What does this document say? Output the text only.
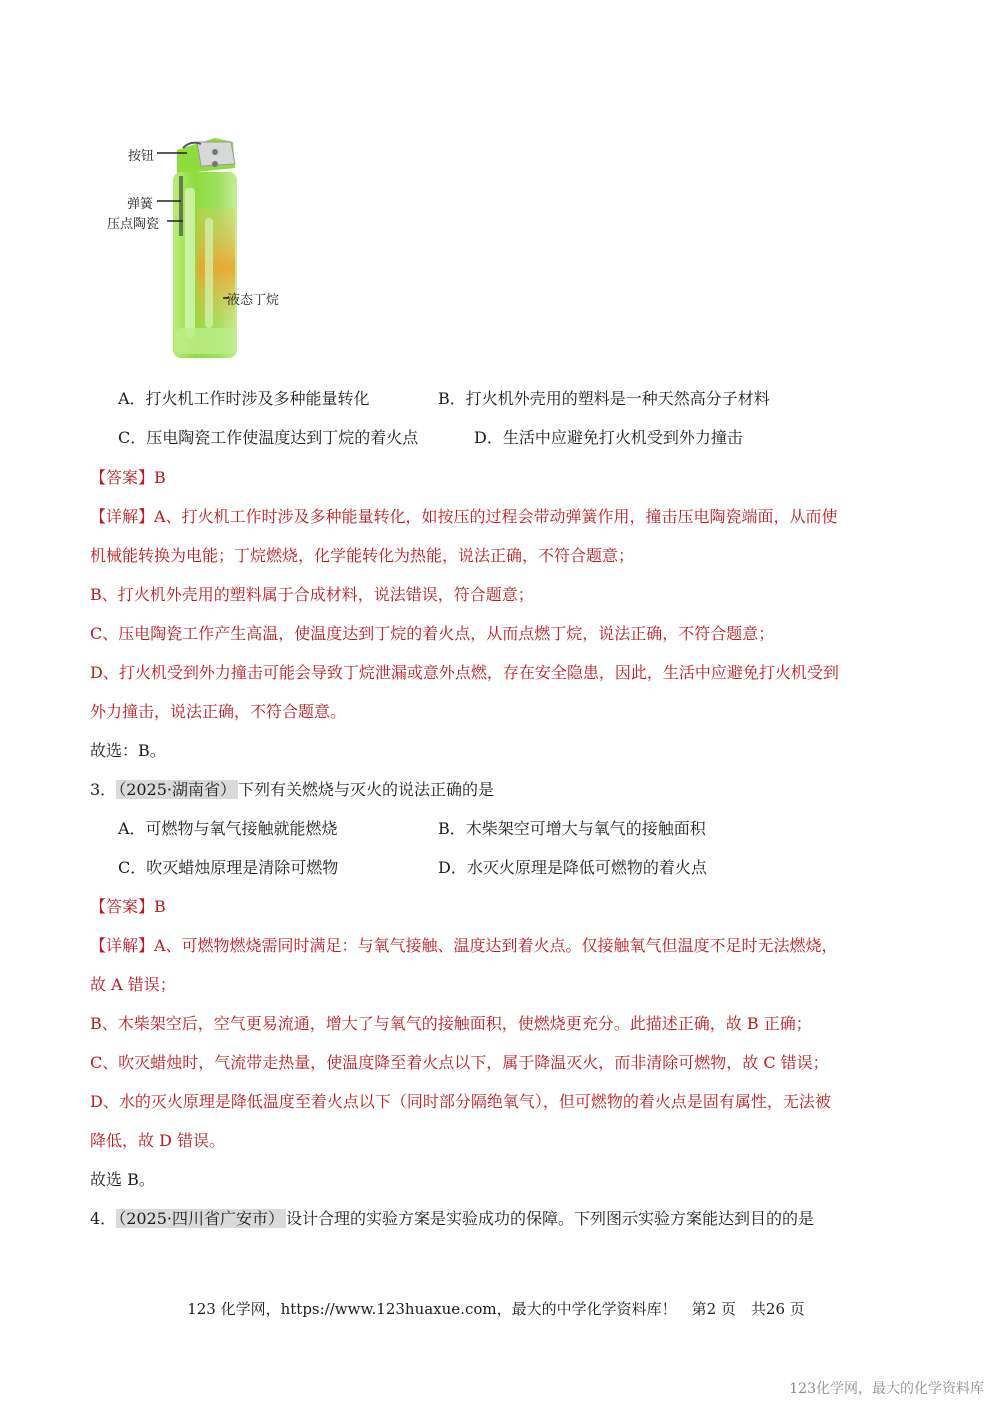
按钮
弹簧
压点陶瓷
液态丁烷
A．打火机工作时涉及多种能量转化	B．打火机外壳用的塑料是一种天然高分子材料
C．压电陶瓷工作使温度达到丁烷的着火点	D．生活中应避免打火机受到外力撞击
【答案】B
【详解】A、打火机工作时涉及多种能量转化，如按压的过程会带动弹簧作用，撞击压电陶瓷端面，从而使
机械能转换为电能；丁烷燃烧，化学能转化为热能，说法正确，不符合题意；
B、打火机外壳用的塑料属于合成材料，说法错误，符合题意；
C、压电陶瓷工作产生高温，使温度达到丁烷的着火点，从而点燃丁烷，说法正确，不符合题意；
D、打火机受到外力撞击可能会导致丁烷泄漏或意外点燃，存在安全隐患，因此，生活中应避免打火机受到
外力撞击，说法正确，不符合题意。
故选：B。
3． （2025·湖南省） 下列有关燃烧与灭火的说法正确的是
A．可燃物与氧气接触就能燃烧	B．木柴架空可增大与氧气的接触面积
C．吹灭蜡烛原理是清除可燃物	D．水灭火原理是降低可燃物的着火点
【答案】B
【详解】A、可燃物燃烧需同时满足：与氧气接触、温度达到着火点。仅接触氧气但温度不足时无法燃烧，
故 A 错误；
B、木柴架空后，空气更易流通，增大了与氧气的接触面积，使燃烧更充分。此描述正确，故 B 正确；
C、吹灭蜡烛时，气流带走热量，使温度降至着火点以下，属于降温灭火，而非清除可燃物，故 C 错误；
D、水的灭火原理是降低温度至着火点以下（同时部分隔绝氧气），但可燃物的着火点是固有属性，无法被
降低，故 D 错误。
故选 B。
4． （2025·四川省广安市） 设计合理的实验方案是实验成功的保障。下列图示实验方案能达到目的的是
123 化学网，https://www.123huaxue.com，最大的中学化学资料库！　第2 页　共26 页
123化学网，最大的化学资料库
